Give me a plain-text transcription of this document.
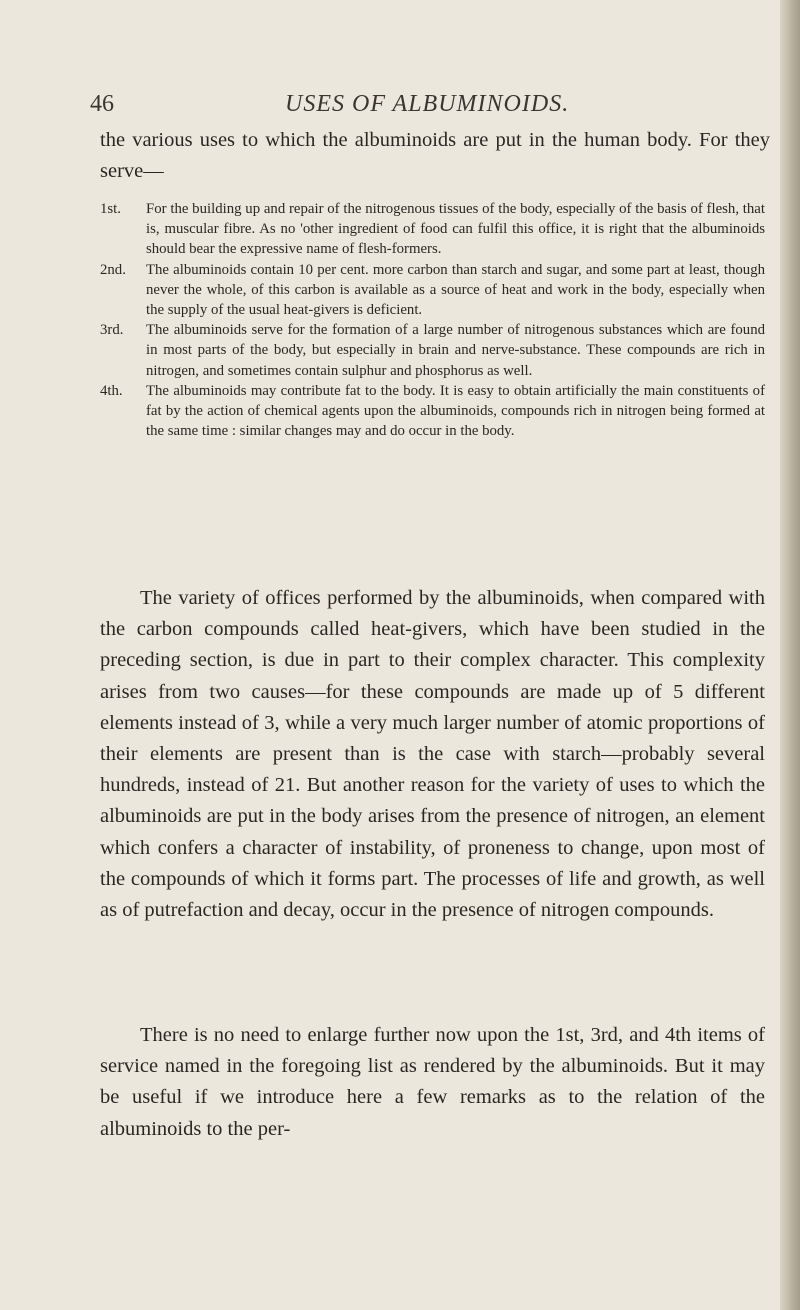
46	USES OF ALBUMINOIDS.

the various uses to which the albuminoids are put in the human body. For they serve—

1st. For the building up and repair of the nitrogenous tissues of the body, especially of the basis of flesh, that is, muscular fibre. As no 'other ingredient of food can fulfil this office, it is right that the albuminoids should bear the expressive name of flesh-formers.

2nd. The albuminoids contain 10 per cent. more carbon than starch and sugar, and some part at least, though never the whole, of this carbon is available as a source of heat and work in the body, especially when the supply of the usual heat-givers is deficient.

3rd. The albuminoids serve for the formation of a large number of nitrogenous substances which are found in most parts of the body, but especially in brain and nerve-substance. These compounds are rich in nitrogen, and sometimes contain sulphur and phosphorus as well.

4th. The albuminoids may contribute fat to the body. It is easy to obtain artificially the main constituents of fat by the action of chemical agents upon the albuminoids, compounds rich in nitrogen being formed at the same time : similar changes may and do occur in the body.

The variety of offices performed by the albuminoids, when compared with the carbon compounds called heat-givers, which have been studied in the preceding section, is due in part to their complex character. This complexity arises from two causes—for these compounds are made up of 5 different elements instead of 3, while a very much larger number of atomic proportions of their elements are present than is the case with starch—probably several hundreds, instead of 21. But another reason for the variety of uses to which the albuminoids are put in the body arises from the presence of nitrogen, an element which confers a character of instability, of proneness to change, upon most of the compounds of which it forms part. The processes of life and growth, as well as of putrefaction and decay, occur in the presence of nitrogen compounds.

There is no need to enlarge further now upon the 1st, 3rd, and 4th items of service named in the foregoing list as rendered by the albuminoids. But it may be useful if we introduce here a few remarks as to the relation of the albuminoids to the per-
